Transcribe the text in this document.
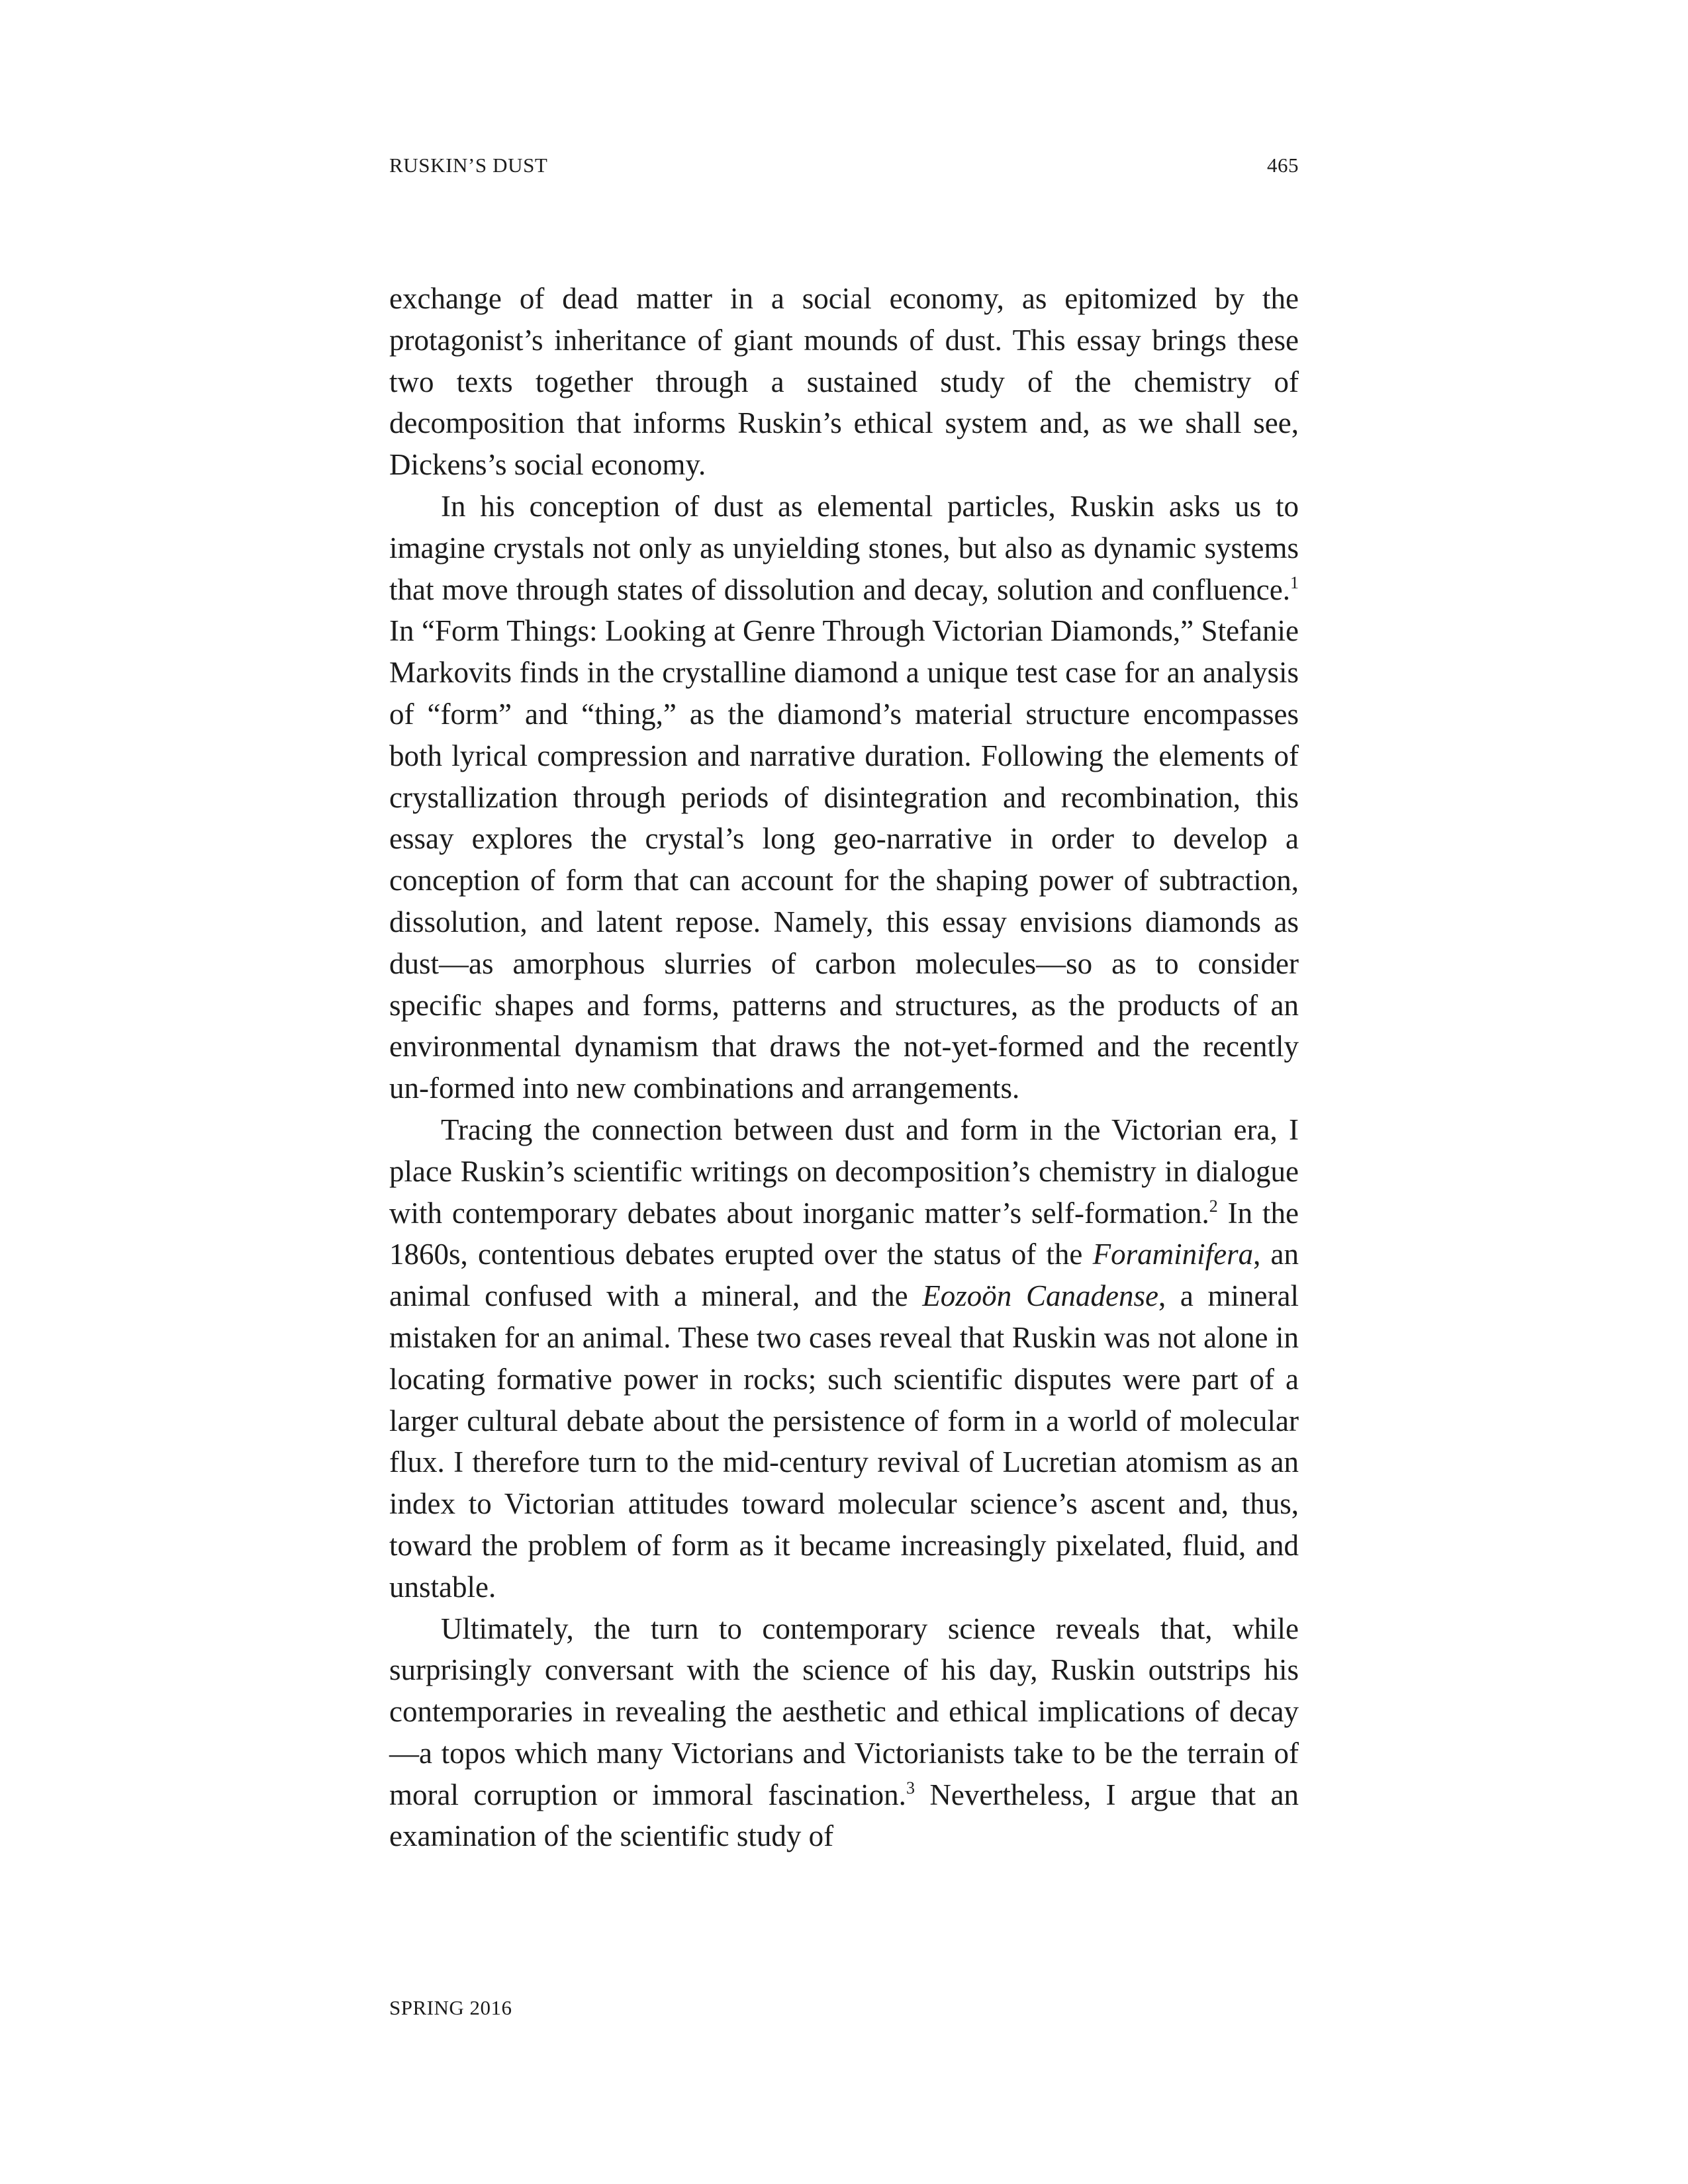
RUSKIN’S DUST	465

exchange of dead matter in a social economy, as epitomized by the protagonist’s inheritance of giant mounds of dust. This essay brings these two texts together through a sustained study of the chemistry of decomposition that informs Ruskin’s ethical system and, as we shall see, Dickens’s social economy.

In his conception of dust as elemental particles, Ruskin asks us to imagine crystals not only as unyielding stones, but also as dynamic systems that move through states of dissolution and decay, solution and confluence.$^1$ In “Form Things: Looking at Genre Through Victorian Diamonds,” Stefanie Markovits finds in the crystalline diamond a unique test case for an analysis of “form” and “thing,” as the diamond’s material structure encompasses both lyrical compression and narrative duration. Following the elements of crystallization through periods of disintegration and recombination, this essay explores the crystal’s long geo-narrative in order to develop a conception of form that can account for the shaping power of subtraction, dissolution, and latent repose. Namely, this essay envisions diamonds as dust—as amorphous slurries of carbon molecules—so as to consider specific shapes and forms, patterns and structures, as the products of an environmental dynamism that draws the not-yet-formed and the recently un-formed into new combinations and arrangements.

Tracing the connection between dust and form in the Victorian era, I place Ruskin’s scientific writings on decomposition’s chemistry in dialogue with contemporary debates about inorganic matter’s self-formation.$^2$ In the 1860s, contentious debates erupted over the status of the Foraminifera, an animal confused with a mineral, and the Eozoön Canadense, a mineral mistaken for an animal. These two cases reveal that Ruskin was not alone in locating formative power in rocks; such scientific disputes were part of a larger cultural debate about the persistence of form in a world of molecular flux. I therefore turn to the mid-century revival of Lucretian atomism as an index to Victorian attitudes toward molecular science’s ascent and, thus, toward the problem of form as it became increasingly pixelated, fluid, and unstable.

Ultimately, the turn to contemporary science reveals that, while surprisingly conversant with the science of his day, Ruskin outstrips his contemporaries in revealing the aesthetic and ethical implications of decay—a topos which many Victorians and Victorianists take to be the terrain of moral corruption or immoral fascination.$^3$ Nevertheless, I argue that an examination of the scientific study of

SPRING 2016
